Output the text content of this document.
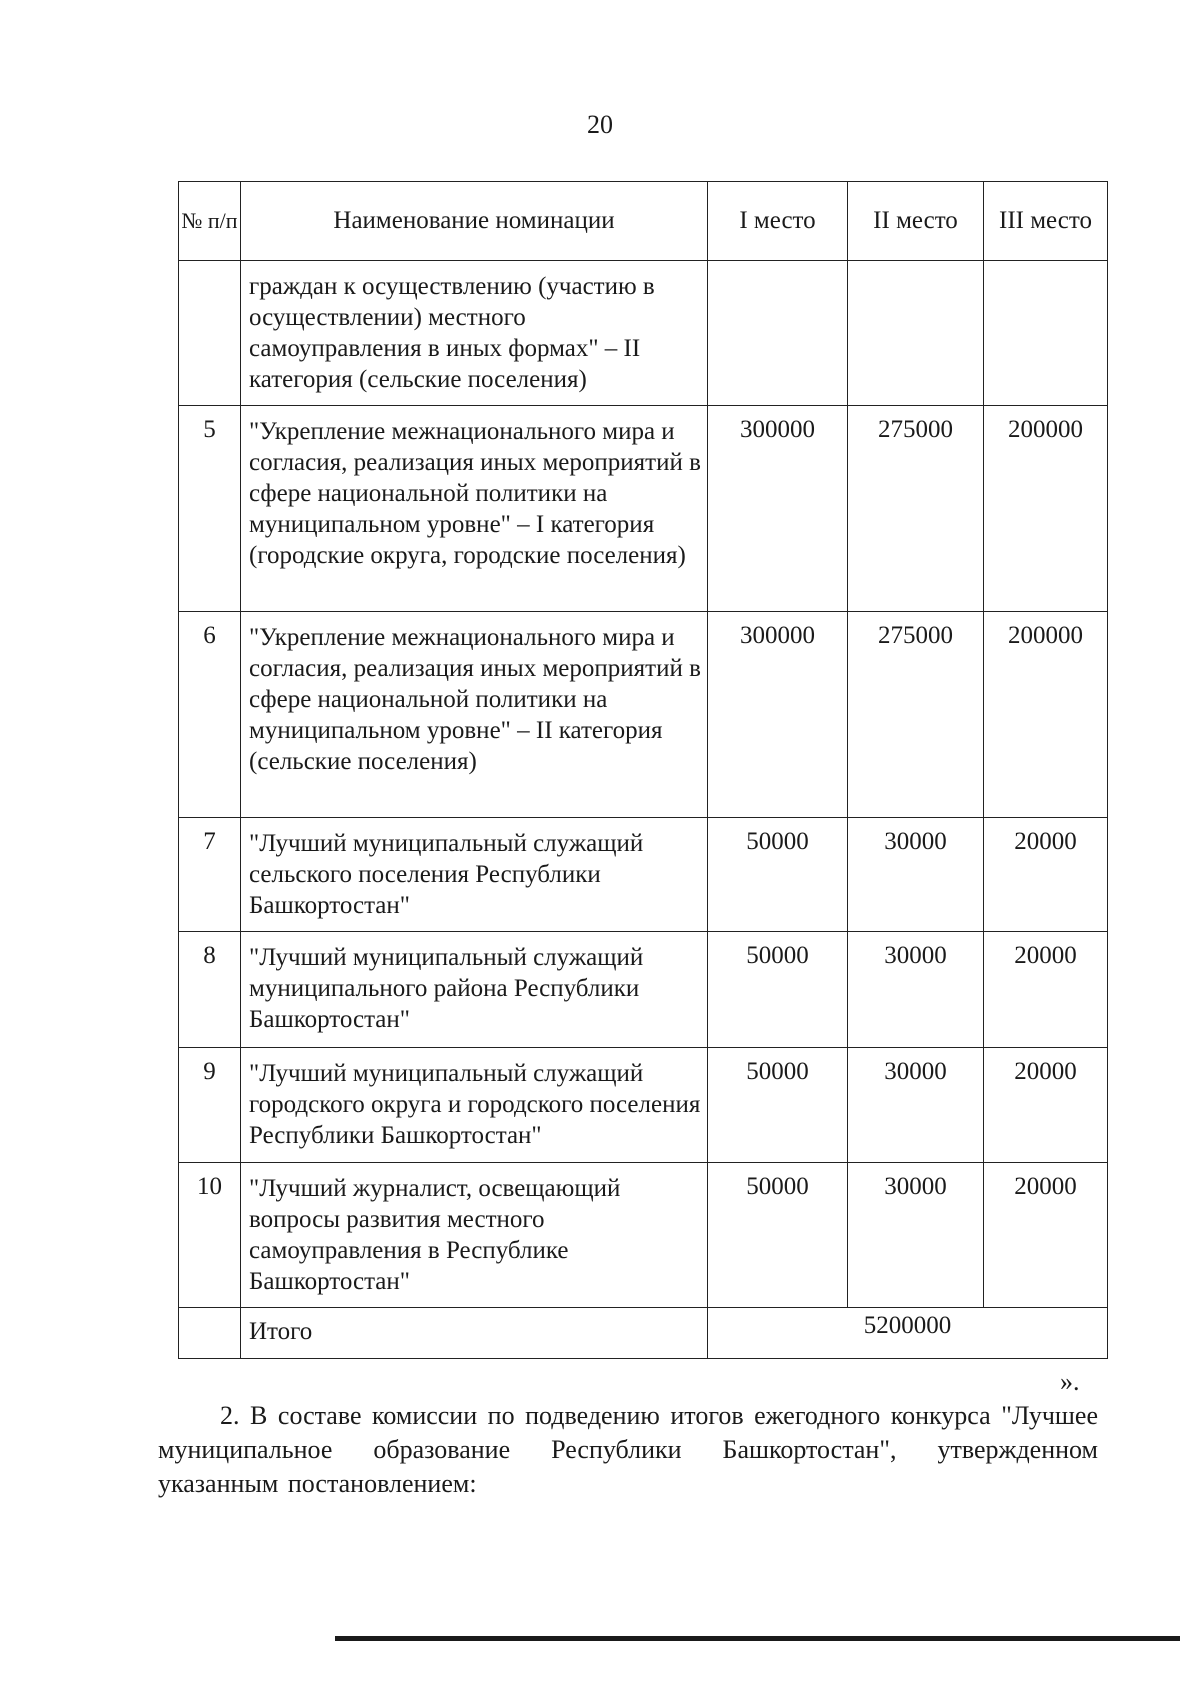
20
№ п/п	Наименование номинации	I место	II место	III место
	граждан к осуществлению (участию в осуществлении) местного самоуправления в иных формах" – II категория (сельские поселения)			
5	"Укрепление межнационального мира и согласия, реализация иных мероприятий в сфере национальной политики на муниципальном уровне" – I категория (городские округа, городские поселения)	300000	275000	200000
6	"Укрепление межнационального мира и согласия, реализация иных мероприятий в сфере национальной политики на муниципальном уровне" – II категория (сельские поселения)	300000	275000	200000
7	"Лучший муниципальный служащий сельского поселения Республики Башкортостан"	50000	30000	20000
8	"Лучший муниципальный служащий муниципального района Республики Башкортостан"	50000	30000	20000
9	"Лучший муниципальный служащий городского округа и городского поселения Республики Башкортостан"	50000	30000	20000
10	"Лучший журналист, освещающий вопросы развития местного самоуправления в Республике Башкортостан"	50000	30000	20000
	Итого	5200000		
».
2. В составе комиссии по подведению итогов ежегодного конкурса "Лучшее муниципальное образование Республики Башкортостан", утвержденном указанным постановлением:
